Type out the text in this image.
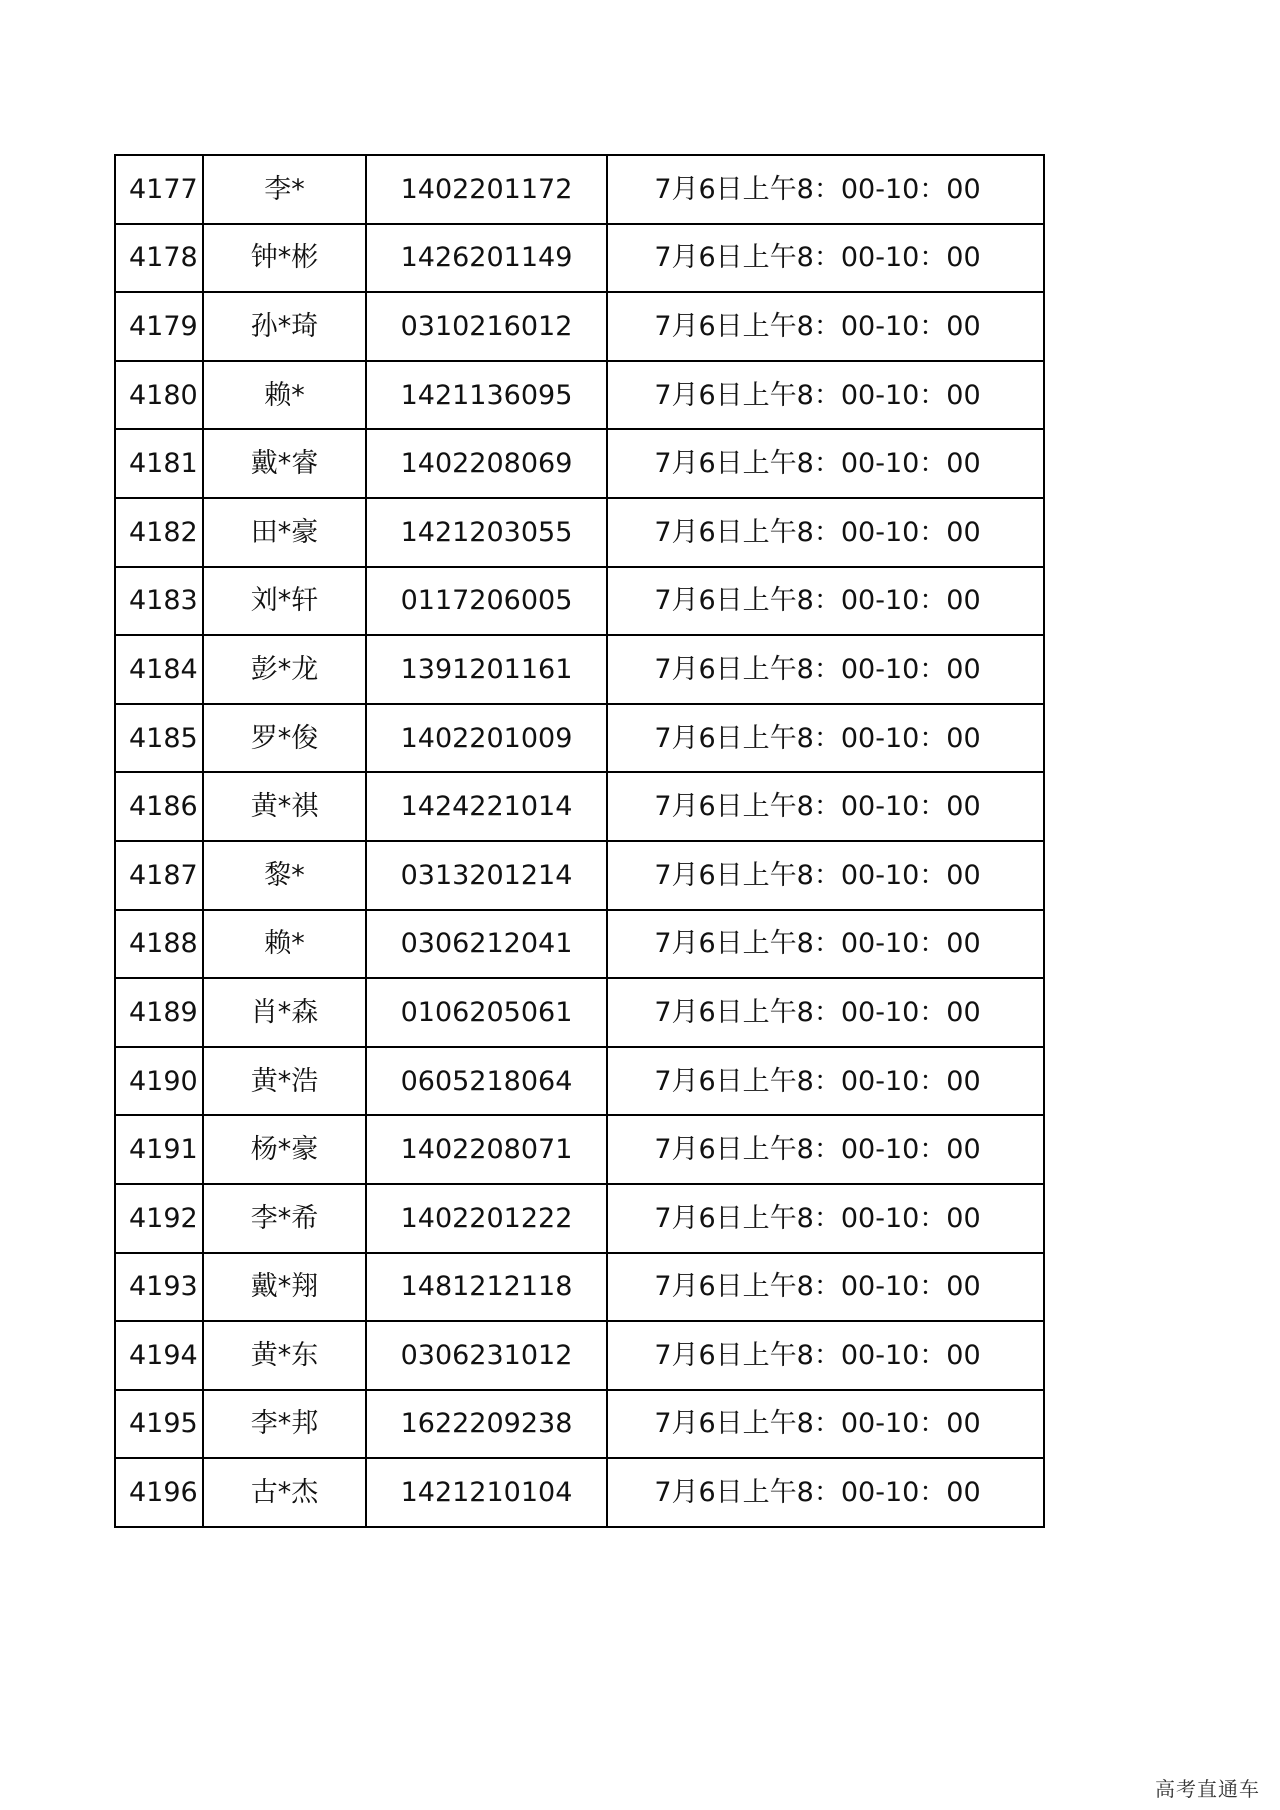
4177	李*	1402201172	7月6日上午8：00-10：00
4178	钟*彬	1426201149	7月6日上午8：00-10：00
4179	孙*琦	0310216012	7月6日上午8：00-10：00
4180	赖*	1421136095	7月6日上午8：00-10：00
4181	戴*睿	1402208069	7月6日上午8：00-10：00
4182	田*豪	1421203055	7月6日上午8：00-10：00
4183	刘*轩	0117206005	7月6日上午8：00-10：00
4184	彭*龙	1391201161	7月6日上午8：00-10：00
4185	罗*俊	1402201009	7月6日上午8：00-10：00
4186	黄*祺	1424221014	7月6日上午8：00-10：00
4187	黎*	0313201214	7月6日上午8：00-10：00
4188	赖*	0306212041	7月6日上午8：00-10：00
4189	肖*森	0106205061	7月6日上午8：00-10：00
4190	黄*浩	0605218064	7月6日上午8：00-10：00
4191	杨*豪	1402208071	7月6日上午8：00-10：00
4192	李*希	1402201222	7月6日上午8：00-10：00
4193	戴*翔	1481212118	7月6日上午8：00-10：00
4194	黄*东	0306231012	7月6日上午8：00-10：00
4195	李*邦	1622209238	7月6日上午8：00-10：00
4196	古*杰	1421210104	7月6日上午8：00-10：00
高考直通车
